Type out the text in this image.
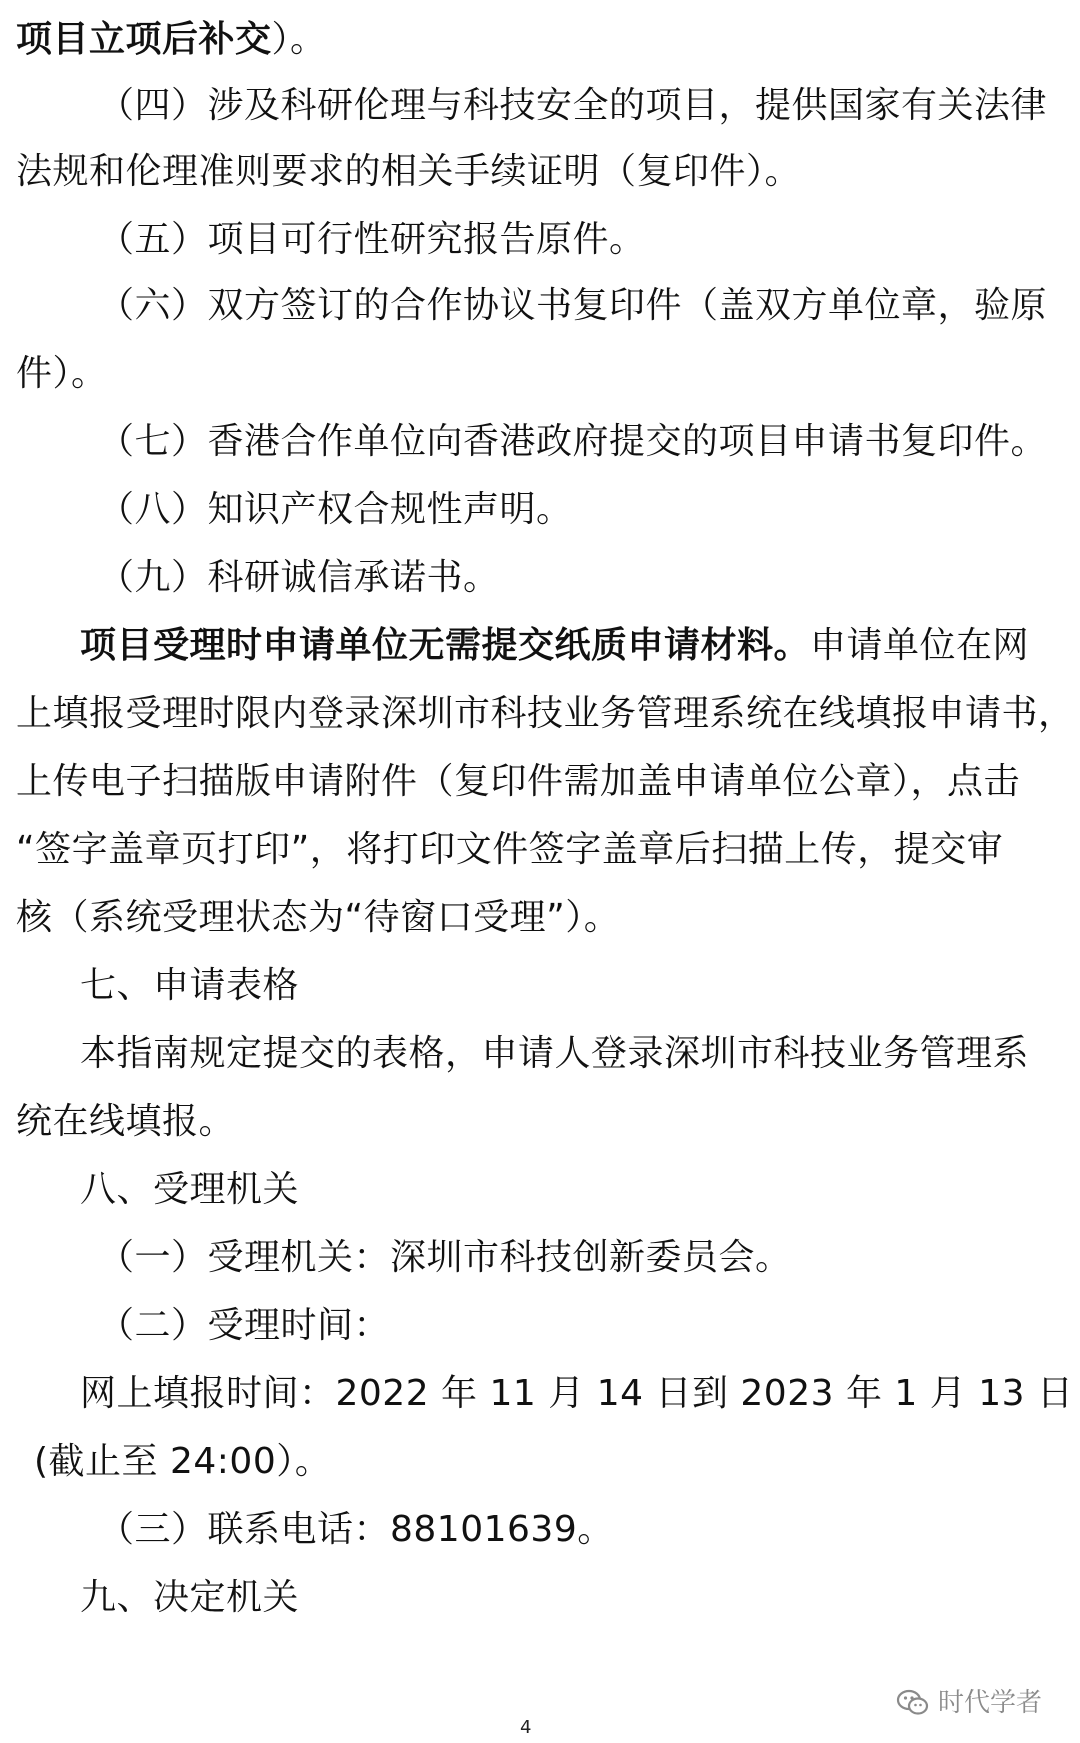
项目立项后补交）。
（四）涉及科研伦理与科技安全的项目，提供国家有关法律
法规和伦理准则要求的相关手续证明（复印件）。
（五）项目可行性研究报告原件。
（六）双方签订的合作协议书复印件（盖双方单位章，验原
件）。
（七）香港合作单位向香港政府提交的项目申请书复印件。
（八）知识产权合规性声明。
（九）科研诚信承诺书。
项目受理时申请单位无需提交纸质申请材料。申请单位在网
上填报受理时限内登录深圳市科技业务管理系统在线填报申请书，
上传电子扫描版申请附件（复印件需加盖申请单位公章），点击
“签字盖章页打印”，将打印文件签字盖章后扫描上传，提交审
核（系统受理状态为“待窗口受理”）。
七、申请表格
本指南规定提交的表格，申请人登录深圳市科技业务管理系
统在线填报。
八、受理机关
（一）受理机关：深圳市科技创新委员会。
（二）受理时间：
网上填报时间：2022 年 11 月 14 日到 2023 年 1 月 13 日
(截止至 24:00）。
（三）联系电话：88101639。
九、决定机关
时代学者
4
